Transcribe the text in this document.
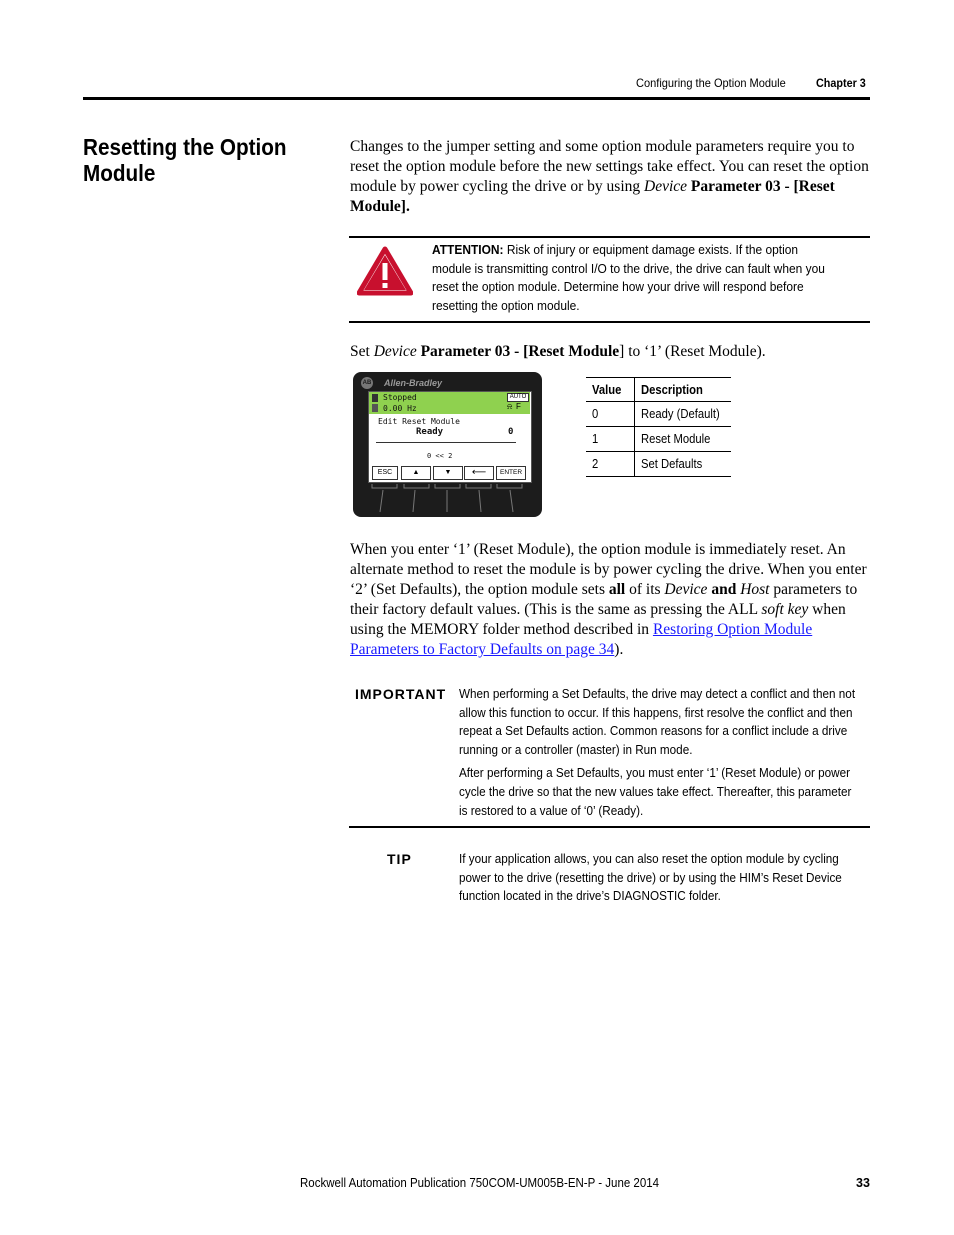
Configuring the Option Module	Chapter 3
Resetting the Option Module
Changes to the jumper setting and some option module parameters require you to reset the option module before the new settings take effect. You can reset the option module by power cycling the drive or by using Device Parameter 03 - [Reset Module].
ATTENTION: Risk of injury or equipment damage exists. If the option module is transmitting control I/O to the drive, the drive can fault when you reset the option module. Determine how your drive will respond before resetting the option module.
Set Device Parameter 03 - [Reset Module] to ‘1’ (Reset Module).
AB Allen-Bradley
Stopped
0.00 Hz
AUTO
⍾ F
Edit Reset Module
Ready	0
0 << 2
ESC	▲	▼	⟵	ENTER
Value	Description
0	Ready (Default)
1	Reset Module
2	Set Defaults
When you enter ‘1’ (Reset Module), the option module is immediately reset. An alternate method to reset the module is by power cycling the drive. When you enter ‘2’ (Set Defaults), the option module sets all of its Device and Host parameters to their factory default values. (This is the same as pressing the ALL soft key when using the MEMORY folder method described in Restoring Option Module Parameters to Factory Defaults on page 34).
IMPORTANT When performing a Set Defaults, the drive may detect a conflict and then not allow this function to occur. If this happens, first resolve the conflict and then repeat a Set Defaults action. Common reasons for a conflict include a drive running or a controller (master) in Run mode.

After performing a Set Defaults, you must enter ‘1’ (Reset Module) or power cycle the drive so that the new values take effect. Thereafter, this parameter is restored to a value of ‘0’ (Ready).

TIP	If your application allows, you can also reset the option module by cycling power to the drive (resetting the drive) or by using the HIM’s Reset Device function located in the drive’s DIAGNOSTIC folder.
Rockwell Automation Publication 750COM-UM005B-EN-P - June 2014	33
